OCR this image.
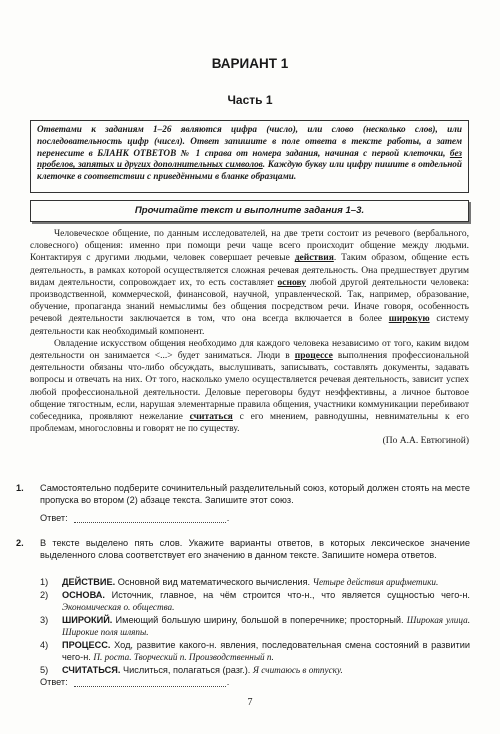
ВАРИАНТ 1
Часть 1
Ответами к заданиям 1–26 являются цифра (число), или слово (несколько слов), или последовательность цифр (чисел). Ответ запишите в поле ответа в тексте работы, а затем перенесите в БЛАНК ОТВЕТОВ № 1 справа от номера задания, начиная с первой клеточки, без пробелов, запятых и других дополнительных символов. Каждую букву или цифру пишите в отдельной клеточке в соответствии с приведёнными в бланке образцами.
Прочитайте текст и выполните задания 1–3.

Человеческое общение, по данным исследователей, на две трети состоит из речевого (вербального, словесного) общения: именно при помощи речи чаще всего происходит общение между людьми. Контактируя с другими людьми, человек совершает речевые действия. Таким образом, общение есть деятельность, в рамках которой осуществляется сложная речевая деятельность. Она предшествует другим видам деятельности, сопровождает их, то есть составляет основу любой другой деятельности человека: производственной, коммерческой, финансовой, научной, управленческой. Так, например, образование, обучение, пропаганда знаний немыслимы без общения посредством речи. Иначе говоря, особенность речевой деятельности заключается в том, что она всегда включается в более широкую систему деятельности как необходимый компонент.

Овладение искусством общения необходимо для каждого человека независимо от того, каким видом деятельности он занимается <...> будет заниматься. Люди в процессе выполнения профессиональной деятельности обязаны что-либо обсуждать, выслушивать, записывать, составлять документы, задавать вопросы и отвечать на них. От того, насколько умело осуществляется речевая деятельность, зависит успех любой профессиональной деятельности. Деловые переговоры будут неэффективны, а личное бытовое общение тягостным, если, нарушая элементарные правила общения, участники коммуникации перебивают собеседника, проявляют нежелание считаться с его мнением, равнодушны, невнимательны к его проблемам, многословны и говорят не по существу.

(По А.А. Евтюгиной)
1. Самостоятельно подберите сочинительный разделительный союз, который должен стоять на месте пропуска во втором (2) абзаце текста. Запишите этот союз.
Ответ:	.
2. В тексте выделено пять слов. Укажите варианты ответов, в которых лексическое значение выделенного слова соответствует его значению в данном тексте. Запишите номера ответов.
1) ДЕЙСТВИЕ. Основной вид математического вычисления. Четыре действия арифметики.
2) ОСНОВА. Источник, главное, на чём строится что-н., что является сущностью чего-н. Экономическая о. общества.
3) ШИРОКИЙ. Имеющий большую ширину, большой в поперечнике; просторный. Широкая улица. Широкие поля шляпы.
4) ПРОЦЕСС. Ход, развитие какого-н. явления, последовательная смена состояний в развитии чего-н. П. роста. Творческий п. Производственный п.
5) СЧИТАТЬСЯ. Числиться, полагаться (разг.). Я считаюсь в отпуску.
Ответ:	.
7
